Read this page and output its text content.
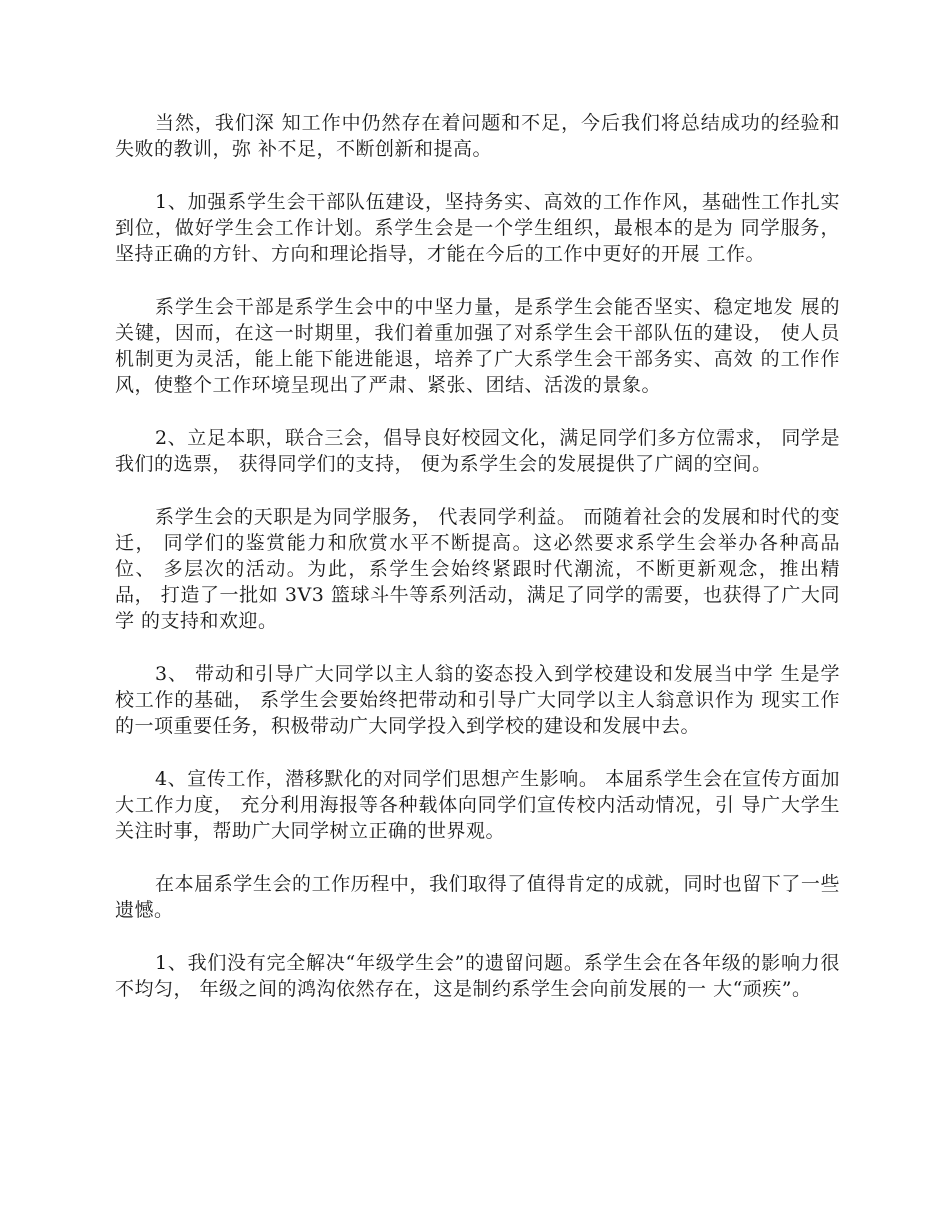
当然，我们深 知工作中仍然存在着问题和不足，今后我们将总结成功的经验和失败的教训，弥 补不足，不断创新和提高。

1、加强系学生会干部队伍建设，坚持务实、高效的工作作风，基础性工作扎实到位，做好学生会工作计划。系学生会是一个学生组织，最根本的是为 同学服务，坚持正确的方针、方向和理论指导，才能在今后的工作中更好的开展 工作。

系学生会干部是系学生会中的中坚力量，是系学生会能否坚实、稳定地发 展的关键，因而，在这一时期里，我们着重加强了对系学生会干部队伍的建设， 使人员机制更为灵活，能上能下能进能退，培养了广大系学生会干部务实、高效 的工作作风，使整个工作环境呈现出了严肃、紧张、团结、活泼的景象。

2、立足本职，联合三会，倡导良好校园文化，满足同学们多方位需求， 同学是我们的选票， 获得同学们的支持， 便为系学生会的发展提供了广阔的空间。

系学生会的天职是为同学服务， 代表同学利益。 而随着社会的发展和时代的变迁， 同学们的鉴赏能力和欣赏水平不断提高。这必然要求系学生会举办各种高品位、 多层次的活动。为此，系学生会始终紧跟时代潮流，不断更新观念，推出精品， 打造了一批如 3V3 篮球斗牛等系列活动，满足了同学的需要，也获得了广大同学 的支持和欢迎。

3、 带动和引导广大同学以主人翁的姿态投入到学校建设和发展当中学 生是学校工作的基础， 系学生会要始终把带动和引导广大同学以主人翁意识作为 现实工作的一项重要任务，积极带动广大同学投入到学校的建设和发展中去。

4、宣传工作，潜移默化的对同学们思想产生影响。 本届系学生会在宣传方面加大工作力度， 充分利用海报等各种载体向同学们宣传校内活动情况，引 导广大学生关注时事，帮助广大同学树立正确的世界观。

在本届系学生会的工作历程中，我们取得了值得肯定的成就，同时也留下了一些遗憾。

1、我们没有完全解决“年级学生会”的遗留问题。系学生会在各年级的影响力很不均匀， 年级之间的鸿沟依然存在，这是制约系学生会向前发展的一 大“顽疾”。
